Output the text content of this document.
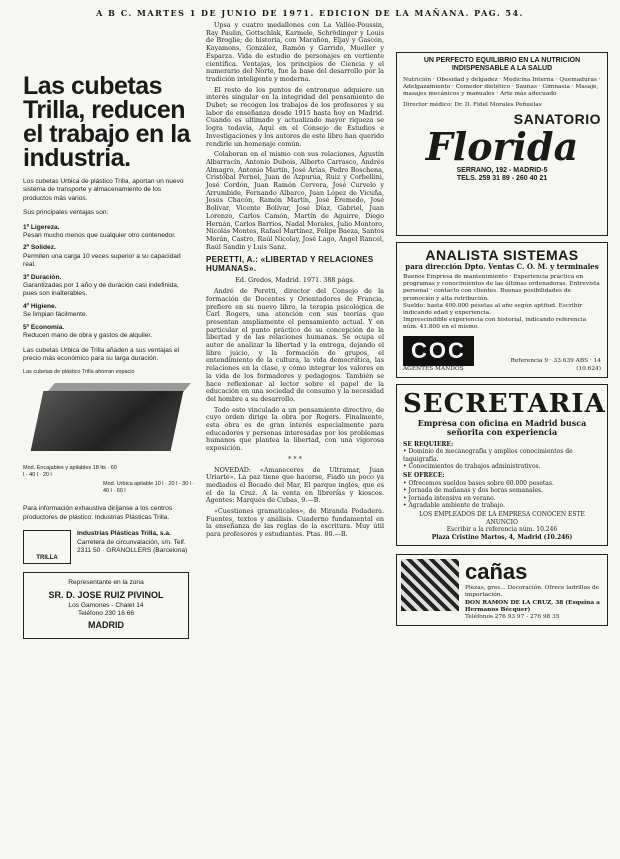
A B C. MARTES 1 DE JUNIO DE 1971. EDICION DE LA MAÑANA. PAG. 54.
Las cubetas Trilla, reducen el trabajo en la industria.
Los cubetas Urbica de plástico Trilla, aportan un nuevo sistema de transporte y almacenamiento de los productos más varios.
Sus principales ventajas son:
1º Ligereza.
Pesan mucho menos que cualquier otro contenedor.
2º Solidez.
Permiten una carga 10 veces superior a su capacidad real.
3º Duración.
Garantizadas por 1 año y de duración casi indefinida, pues son inalterables.
4º Higiene.
Se limpian fácilmente.
5º Economía.
Reducen mano de obra y gastos de alquiler.
Las cubetas Urbica de Trilla añaden a sus ventajas el precio más económico para su larga duración.
Las cubetas de plástico Trilla ahorran espacio
Mod. Encajables y apilables 18 lts · 60 l · 40 l · 20 l
Mod. Urbica apilable 10 l · 20 l · 30 l · 40 l · 60 l
Para información exhaustiva diríjanse a los centros productores de plástico: Industrias Plásticas Trilla.
TRILLA
Industrias Plásticas Trilla, s.a.
Carretera de circunvalación, s/n. Telf. 2311 50 · GRANOLLERS (Barcelona)
Representante en la zona
SR. D. JOSE RUIZ PIVINOL
Los Gamones - Chalet 14
Teléfono 230 16 66
MADRID

Upsa y cuatro medallones con La Vallée-Poussin, Ray Paulin, Gottschlak, Karmele, Schrödinger y Louis de Broglie; de historia, con Marañón, Eljay y Gascón, Kayamons, González, Ramón y Garrido, Mueller y Esparza. Vida de estudio de personajes en vertiente científica. Ventajas, los principios de Ciencia y el numerario del Norte, fue la base del desarrollo por la tradición inteligente y moderna.

El resto de los puntos de entronque adquiere un interés singular en la integridad del pensamiento de Dubet; se recogen los trabajos de los profesores y su labor de enseñanza desde 1915 hasta hoy en Madrid. Cuando es ultimado y actualizado mayor riqueza se logra todavía, Aquí en el Consejo de Estudios e Investigaciones y los autores de este libro han querido rendirle un homenaje común.

Colaboran en el mismo con sus relaciones, Agustín Albarracín, Antonio Dubois, Alberto Carrasco, Andrés Almagro, Antonio Martín, José Arías, Pedro Boschena, Cristóbal Pernel, Juan de Azpurúa, Ruiz y Corbellini, José Cordón, Juan Ramón Cervera, José Curvelo y Arrumbide, Fernando Albarco, Juan López de Vicuña, Jesús Chacón, Ramón Martín, José Eremedo, José Bolívar, Vicente Bolívar, José Díaz, Gabriel, Juan Lorenzo, Carlos Camón, Martín de Aguirre, Diego Hernán, Carlos Barrios, Nadal Morales, Julio Montoro, Nicolás Montes, Rafael Martínez, Felipe Baeza, Santos Morán, Castro, Raúl Nicolay, José Lago, Ángel Rancel, Raúl Sandin y Luis Sanz.

PERETTI, A.: «LIBERTAD Y RELACIONES HUMANAS».
Ed. Gredos, Madrid. 1971. 388 págs.

André de Peretti, director del Consejo de la formación de Docentes y Orientadores de Francia, prefiere en su nuevo libro, la terapia psicológica de Carl Rogers, una atención con sus teorías que presentan ampliamente el pensamiento actual. Y en particular el punto práctico de su concepción de la libertad y de las relaciones humanas. Se ocupa el autor de analizar la libertad y la entrega, dejando el libre juicio, y la formación de grupos, el entendimiento de la cultura, la vida democrática, las relaciones en la clase, y cómo integrar los valores en la vida de los formadores y pedagogos. También se hace reflexionar al lector sobre el papel de la educación en una sociedad de consumo y la necesidad del hombre a su desarrollo.

Todo esto vinculado a un pensamiento directivo, de cuyo orden dirige la obra por Rogers. Finalmente, esta obra es de gran interés especialmente para educadores y personas interesadas por los problemas humanos que plantea la libertad, con una vigorosa exposición.

* * *

NOVEDAD: «Amaneceres de Ultramar, Juan Uriarte». La paz tiene que hacerse, Fiado un poco ya mediados el Bocado del Mar, El parque inglés, que es el de la Cruz. A la venta en librerías y kioscos. Agentes: Marqués de Cubas, 9.—B.

«Cuestiones gramaticales», de Miranda Podadera. Fuentes, textos y análisis. Cuaderno fundamental en la enseñanza de las reglas de la escritura. Muy útil para profesores y estudiantes. Ptas. 80.—B.

UN PERFECTO EQUILIBRIO EN LA NUTRICION INDISPENSABLE A LA SALUD
Nutrición · Obesidad y delgadez · Medicina Interna · Quemaduras · Adelgazamiento · Comedor dietético · Saunas · Gimnasia · Masaje, masajes mecánicos y manuales · Arte más adecuado
Director médico: Dr. D. Fidel Morales Peñuelas
SANATORIO
Florida
SERRANO, 192 - MADRID-5
TELS. 259 31 89 - 260 40 21
ANALISTA SISTEMAS
para dirección Dpto. Ventas C. O. M. y terminales
Buenos Empresa de mantenimiento · Experiencia práctica en programas y conocimientos de las últimas ordenadoras. Entrevista personal · contacto con clientes. Buenas posibilidades de promoción y alta retribución.
Sueldo: hasta 400.000 pesetas al año según aptitud. Escribir indicando edad y experiencia.
Imprescindible experiencia con historial, indicando referencia núm. 41.800 en el mismo.
COC
AGENTES MANDOS
Referencia 9 · 33.639 ABS · 14
(10.624)
SECRETARIA
Empresa con oficina en Madrid busca señorita con experiencia
SE REQUIERE:
• Dominio de mecanografía y amplios conocimientos de taquigrafía.
• Conocimientos de trabajos administrativos.
SE OFRECE:
• Ofrecemos sueldos bases sobre 60.000 pesetas.
• Jornada de mañanas y dos horas semanales.
• Jornada intensiva en verano.
• Agradable ambiente de trabajo.
LOS EMPLEADOS DE LA EMPRESA CONOCEN ESTE ANUNCIO
Escribir a la referencia núm. 10.246
Plaza Cristino Martos, 4, Madrid (10.246)
cañas
Piezas, gres... Decoración. Ofrece ladrillos de importación.
DON RAMON DE LA CRUZ, 38 (Esquina a Hermanos Bécquer)
Teléfonos 276 93 97 - 276 98 35
